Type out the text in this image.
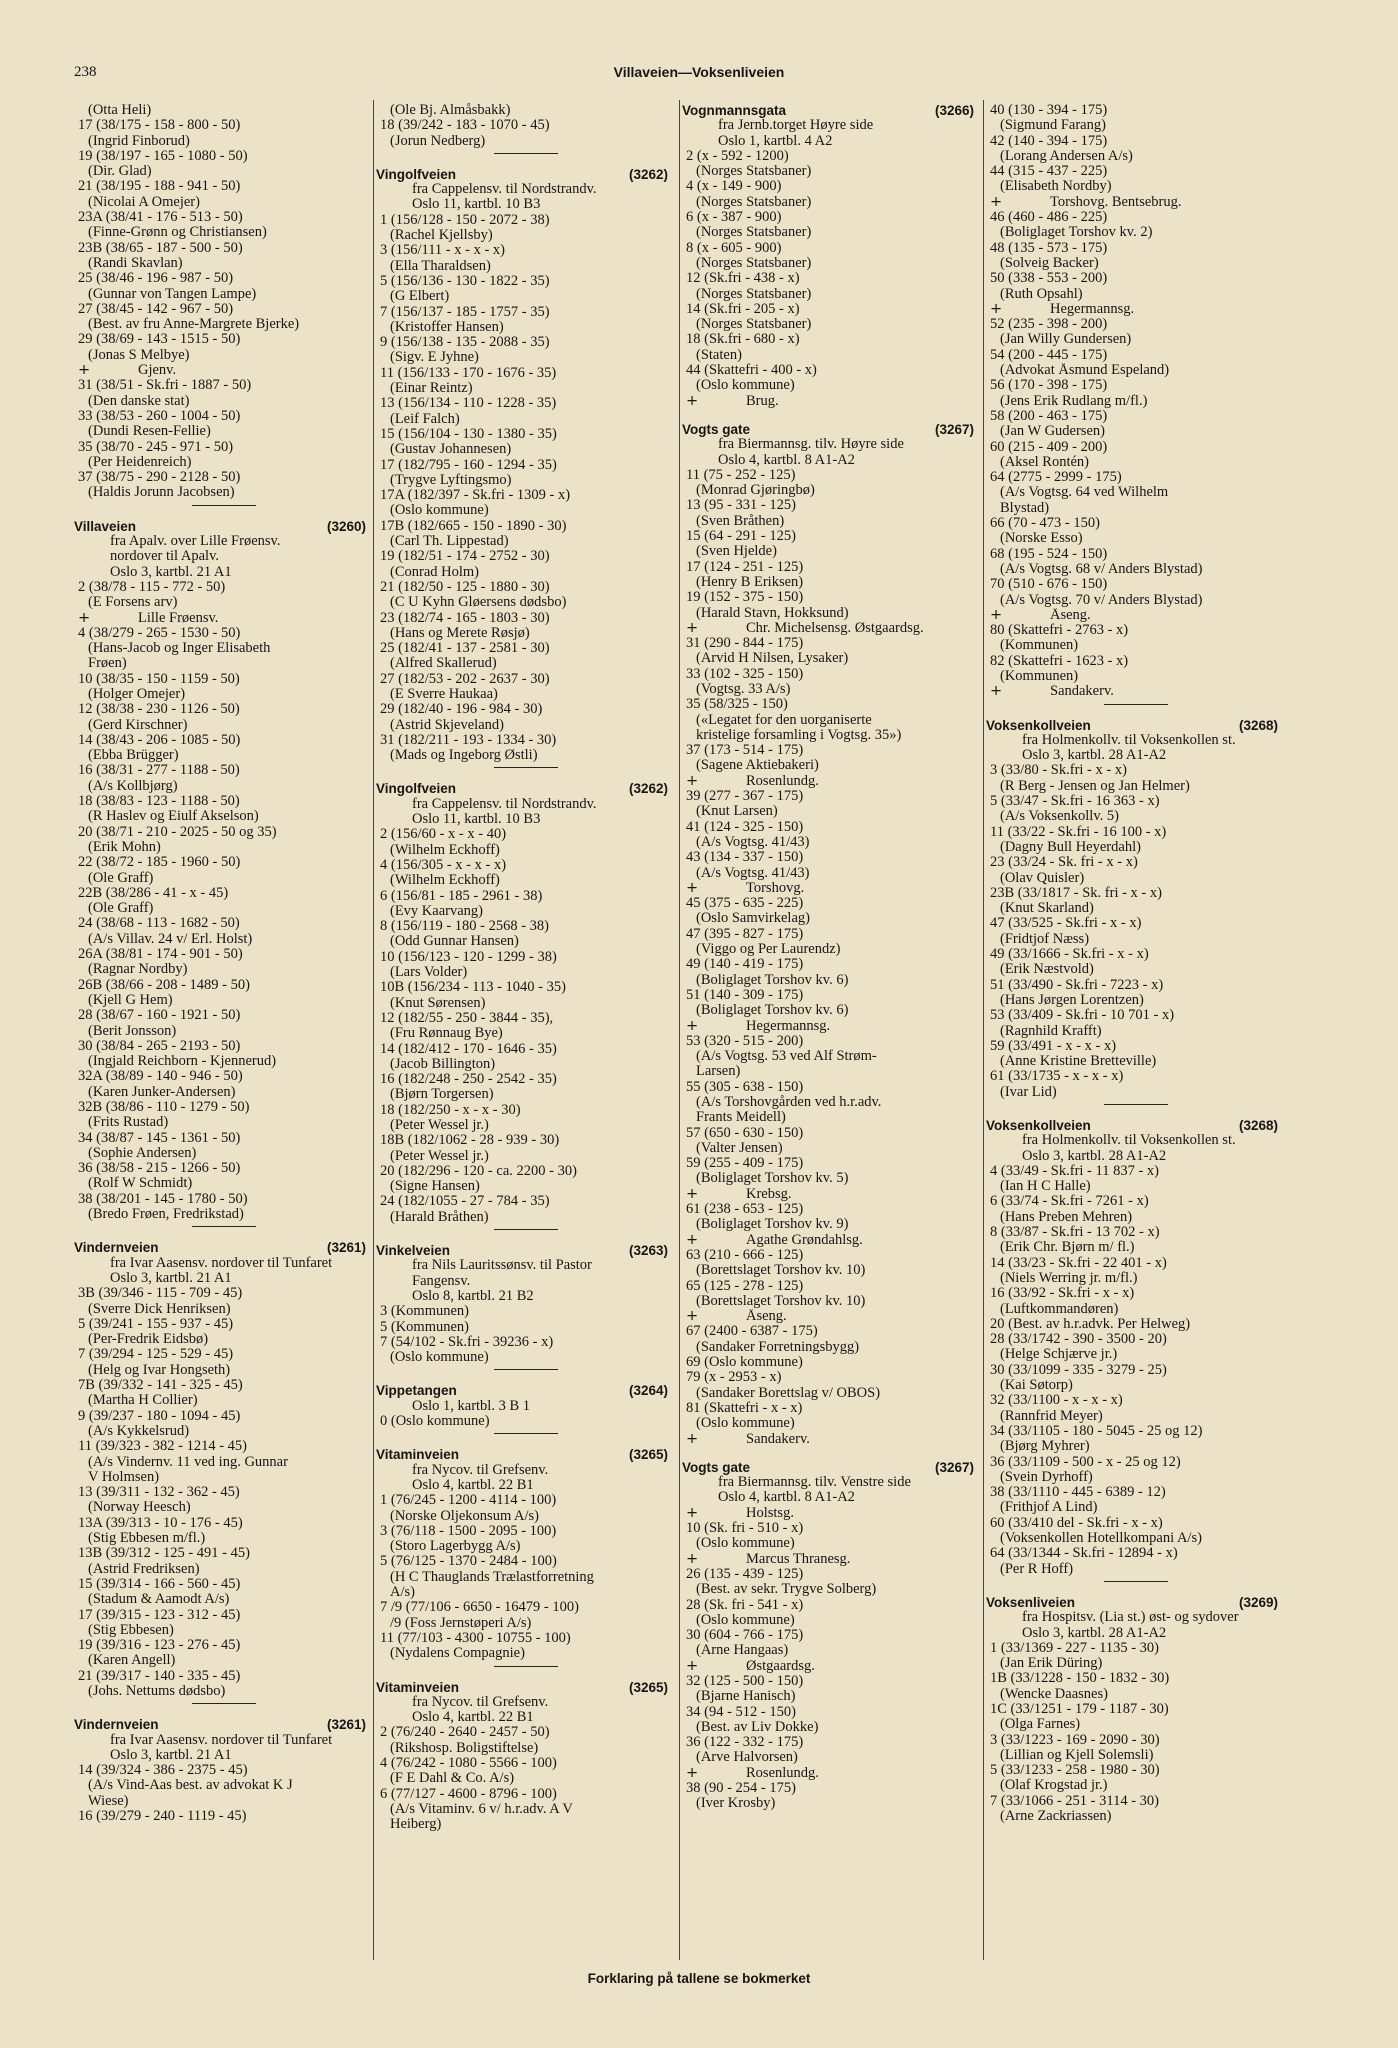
238	Villaveien—Voksenliveien
(Otta Heli)
17 (38/175 - 158 - 800 - 50)
(Ingrid Finborud)
19 (38/197 - 165 - 1080 - 50)
(Dir. Glad)
21 (38/195 - 188 - 941 - 50)
(Nicolai A Omejer)
23A (38/41 - 176 - 513 - 50)
(Finne-Grønn og Christiansen)
23B (38/65 - 187 - 500 - 50)
(Randi Skavlan)
25 (38/46 - 196 - 987 - 50)
(Gunnar von Tangen Lampe)
27 (38/45 - 142 - 967 - 50)
(Best. av fru Anne-Margrete Bjerke)
29 (38/69 - 143 - 1515 - 50)
(Jonas S Melbye)
+	Gjenv.
31 (38/51 - Sk.fri - 1887 - 50)
(Den danske stat)
33 (38/53 - 260 - 1004 - 50)
(Dundi Resen-Fellie)
35 (38/70 - 245 - 971 - 50)
(Per Heidenreich)
37 (38/75 - 290 - 2128 - 50)
(Haldis Jorunn Jacobsen)
Villaveien	(3260)
fra Apalv. over Lille Frøensv.
nordover til Apalv.
Oslo 3, kartbl. 21 A1
2 (38/78 - 115 - 772 - 50)
(E Forsens arv)
+	Lille Frøensv.
4 (38/279 - 265 - 1530 - 50)
(Hans-Jacob og Inger Elisabeth
Frøen)
10 (38/35 - 150 - 1159 - 50)
(Holger Omejer)
12 (38/38 - 230 - 1126 - 50)
(Gerd Kirschner)
14 (38/43 - 206 - 1085 - 50)
(Ebba Brügger)
16 (38/31 - 277 - 1188 - 50)
(A/s Kollbjørg)
18 (38/83 - 123 - 1188 - 50)
(R Haslev og Eiulf Akselson)
20 (38/71 - 210 - 2025 - 50 og 35)
(Erik Mohn)
22 (38/72 - 185 - 1960 - 50)
(Ole Graff)
22B (38/286 - 41 - x - 45)
(Ole Graff)
24 (38/68 - 113 - 1682 - 50)
(A/s Villav. 24 v/ Erl. Holst)
26A (38/81 - 174 - 901 - 50)
(Ragnar Nordby)
26B (38/66 - 208 - 1489 - 50)
(Kjell G Hem)
28 (38/67 - 160 - 1921 - 50)
(Berit Jonsson)
30 (38/84 - 265 - 2193 - 50)
(Ingjald Reichborn - Kjennerud)
32A (38/89 - 140 - 946 - 50)
(Karen Junker-Andersen)
32B (38/86 - 110 - 1279 - 50)
(Frits Rustad)
34 (38/87 - 145 - 1361 - 50)
(Sophie Andersen)
36 (38/58 - 215 - 1266 - 50)
(Rolf W Schmidt)
38 (38/201 - 145 - 1780 - 50)
(Bredo Frøen, Fredrikstad)
Vindernveien	(3261)
fra Ivar Aasensv. nordover til Tunfaret
Oslo 3, kartbl. 21 A1
3B (39/346 - 115 - 709 - 45)
(Sverre Dick Henriksen)
5 (39/241 - 155 - 937 - 45)
(Per-Fredrik Eidsbø)
7 (39/294 - 125 - 529 - 45)
(Helg og Ivar Hongseth)
7B (39/332 - 141 - 325 - 45)
(Martha H Collier)
9 (39/237 - 180 - 1094 - 45)
(A/s Kykkelsrud)
11 (39/323 - 382 - 1214 - 45)
(A/s Vindernv. 11 ved ing. Gunnar
V Holmsen)
13 (39/311 - 132 - 362 - 45)
(Norway Heesch)
13A (39/313 - 10 - 176 - 45)
(Stig Ebbesen m/fl.)
13B (39/312 - 125 - 491 - 45)
(Astrid Fredriksen)
15 (39/314 - 166 - 560 - 45)
(Stadum & Aamodt A/s)
17 (39/315 - 123 - 312 - 45)
(Stig Ebbesen)
19 (39/316 - 123 - 276 - 45)
(Karen Angell)
21 (39/317 - 140 - 335 - 45)
(Johs. Nettums dødsbo)
Vindernveien	(3261)
fra Ivar Aasensv. nordover til Tunfaret
Oslo 3, kartbl. 21 A1
14 (39/324 - 386 - 2375 - 45)
(A/s Vind-Aas best. av advokat K J
Wiese)
16 (39/279 - 240 - 1119 - 45)
(Ole Bj. Almåsbakk)
18 (39/242 - 183 - 1070 - 45)
(Jorun Nedberg)
Vingolfveien	(3262)
fra Cappelensv. til Nordstrandv.
Oslo 11, kartbl. 10 B3
1 (156/128 - 150 - 2072 - 38)
(Rachel Kjellsby)
3 (156/111 - x - x - x)
(Ella Tharaldsen)
5 (156/136 - 130 - 1822 - 35)
(G Elbert)
7 (156/137 - 185 - 1757 - 35)
(Kristoffer Hansen)
9 (156/138 - 135 - 2088 - 35)
(Sigv. E Jyhne)
11 (156/133 - 170 - 1676 - 35)
(Einar Reintz)
13 (156/134 - 110 - 1228 - 35)
(Leif Falch)
15 (156/104 - 130 - 1380 - 35)
(Gustav Johannesen)
17 (182/795 - 160 - 1294 - 35)
(Trygve Lyftingsmo)
17A (182/397 - Sk.fri - 1309 - x)
(Oslo kommune)
17B (182/665 - 150 - 1890 - 30)
(Carl Th. Lippestad)
19 (182/51 - 174 - 2752 - 30)
(Conrad Holm)
21 (182/50 - 125 - 1880 - 30)
(C U Kyhn Gløersens dødsbo)
23 (182/74 - 165 - 1803 - 30)
(Hans og Merete Røsjø)
25 (182/41 - 137 - 2581 - 30)
(Alfred Skallerud)
27 (182/53 - 202 - 2637 - 30)
(E Sverre Haukaa)
29 (182/40 - 196 - 984 - 30)
(Astrid Skjeveland)
31 (182/211 - 193 - 1334 - 30)
(Mads og Ingeborg Østli)
Vingolfveien	(3262)
fra Cappelensv. til Nordstrandv.
Oslo 11, kartbl. 10 B3
2 (156/60 - x - x - 40)
(Wilhelm Eckhoff)
4 (156/305 - x - x - x)
(Wilhelm Eckhoff)
6 (156/81 - 185 - 2961 - 38)
(Evy Kaarvang)
8 (156/119 - 180 - 2568 - 38)
(Odd Gunnar Hansen)
10 (156/123 - 120 - 1299 - 38)
(Lars Volder)
10B (156/234 - 113 - 1040 - 35)
(Knut Sørensen)
12 (182/55 - 250 - 3844 - 35),
(Fru Rønnaug Bye)
14 (182/412 - 170 - 1646 - 35)
(Jacob Billington)
16 (182/248 - 250 - 2542 - 35)
(Bjørn Torgersen)
18 (182/250 - x - x - 30)
(Peter Wessel jr.)
18B (182/1062 - 28 - 939 - 30)
(Peter Wessel jr.)
20 (182/296 - 120 - ca. 2200 - 30)
(Signe Hansen)
24 (182/1055 - 27 - 784 - 35)
(Harald Bråthen)
Vinkelveien	(3263)
fra Nils Lauritssønsv. til Pastor
Fangensv.
Oslo 8, kartbl. 21 B2
3 (Kommunen)
5 (Kommunen)
7 (54/102 - Sk.fri - 39236 - x)
(Oslo kommune)
Vippetangen	(3264)
Oslo 1, kartbl. 3 B 1
0 (Oslo kommune)
Vitaminveien	(3265)
fra Nycov. til Grefsenv.
Oslo 4, kartbl. 22 B1
1 (76/245 - 1200 - 4114 - 100)
(Norske Oljekonsum A/s)
3 (76/118 - 1500 - 2095 - 100)
(Storo Lagerbygg A/s)
5 (76/125 - 1370 - 2484 - 100)
(H C Thauglands Trælastforretning
A/s)
7 /9 (77/106 - 6650 - 16479 - 100)
/9 (Foss Jernstøperi A/s)
11 (77/103 - 4300 - 10755 - 100)
(Nydalens Compagnie)
Vitaminveien	(3265)
fra Nycov. til Grefsenv.
Oslo 4, kartbl. 22 B1
2 (76/240 - 2640 - 2457 - 50)
(Rikshosp. Boligstiftelse)
4 (76/242 - 1080 - 5566 - 100)
(F E Dahl & Co. A/s)
6 (77/127 - 4600 - 8796 - 100)
(A/s Vitaminv. 6 v/ h.r.adv. A V
Heiberg)
Vognmannsgata	(3266)
fra Jernb.torget Høyre side
Oslo 1, kartbl. 4 A2
2 (x - 592 - 1200)
(Norges Statsbaner)
4 (x - 149 - 900)
(Norges Statsbaner)
6 (x - 387 - 900)
(Norges Statsbaner)
8 (x - 605 - 900)
(Norges Statsbaner)
12 (Sk.fri - 438 - x)
(Norges Statsbaner)
14 (Sk.fri - 205 - x)
(Norges Statsbaner)
18 (Sk.fri - 680 - x)
(Staten)
44 (Skattefri - 400 - x)
(Oslo kommune)
+	Brug.
Vogts gate	(3267)
fra Biermannsg. tilv. Høyre side
Oslo 4, kartbl. 8 A1-A2
11 (75 - 252 - 125)
(Monrad Gjøringbø)
13 (95 - 331 - 125)
(Sven Bråthen)
15 (64 - 291 - 125)
(Sven Hjelde)
17 (124 - 251 - 125)
(Henry B Eriksen)
19 (152 - 375 - 150)
(Harald Stavn, Hokksund)
+	Chr. Michelsensg. Østgaardsg.
31 (290 - 844 - 175)
(Arvid H Nilsen, Lysaker)
33 (102 - 325 - 150)
(Vogtsg. 33 A/s)
35 (58/325 - 150)
(«Legatet for den uorganiserte
kristelige forsamling i Vogtsg. 35»)
37 (173 - 514 - 175)
(Sagene Aktiebakeri)
+	Rosenlundg.
39 (277 - 367 - 175)
(Knut Larsen)
41 (124 - 325 - 150)
(A/s Vogtsg. 41/43)
43 (134 - 337 - 150)
(A/s Vogtsg. 41/43)
+	Torshovg.
45 (375 - 635 - 225)
(Oslo Samvirkelag)
47 (395 - 827 - 175)
(Viggo og Per Laurendz)
49 (140 - 419 - 175)
(Boliglaget Torshov kv. 6)
51 (140 - 309 - 175)
(Boliglaget Torshov kv. 6)
+	Hegermannsg.
53 (320 - 515 - 200)
(A/s Vogtsg. 53 ved Alf Strøm-
Larsen)
55 (305 - 638 - 150)
(A/s Torshovgården ved h.r.adv.
Frants Meidell)
57 (650 - 630 - 150)
(Valter Jensen)
59 (255 - 409 - 175)
(Boliglaget Torshov kv. 5)
+	Krebsg.
61 (238 - 653 - 125)
(Boliglaget Torshov kv. 9)
+	Agathe Grøndahlsg.
63 (210 - 666 - 125)
(Borettslaget Torshov kv. 10)
65 (125 - 278 - 125)
(Borettslaget Torshov kv. 10)
+	Åseng.
67 (2400 - 6387 - 175)
(Sandaker Forretningsbygg)
69 (Oslo kommune)
79 (x - 2953 - x)
(Sandaker Borettslag v/ OBOS)
81 (Skattefri - x - x)
(Oslo kommune)
+	Sandakerv.
Vogts gate	(3267)
fra Biermannsg. tilv. Venstre side
Oslo 4, kartbl. 8 A1-A2
+	Holstsg.
10 (Sk. fri - 510 - x)
(Oslo kommune)
+	Marcus Thranesg.
26 (135 - 439 - 125)
(Best. av sekr. Trygve Solberg)
28 (Sk. fri - 541 - x)
(Oslo kommune)
30 (604 - 766 - 175)
(Arne Hangaas)
+	Østgaardsg.
32 (125 - 500 - 150)
(Bjarne Hanisch)
34 (94 - 512 - 150)
(Best. av Liv Dokke)
36 (122 - 332 - 175)
(Arve Halvorsen)
+	Rosenlundg.
38 (90 - 254 - 175)
(Iver Krosby)
40 (130 - 394 - 175)
(Sigmund Farang)
42 (140 - 394 - 175)
(Lorang Andersen A/s)
44 (315 - 437 - 225)
(Elisabeth Nordby)
+	Torshovg. Bentsebrug.
46 (460 - 486 - 225)
(Boliglaget Torshov kv. 2)
48 (135 - 573 - 175)
(Solveig Backer)
50 (338 - 553 - 200)
(Ruth Opsahl)
+	Hegermannsg.
52 (235 - 398 - 200)
(Jan Willy Gundersen)
54 (200 - 445 - 175)
(Advokat Åsmund Espeland)
56 (170 - 398 - 175)
(Jens Erik Rudlang m/fl.)
58 (200 - 463 - 175)
(Jan W Gudersen)
60 (215 - 409 - 200)
(Aksel Rontén)
64 (2775 - 2999 - 175)
(A/s Vogtsg. 64 ved Wilhelm
Blystad)
66 (70 - 473 - 150)
(Norske Esso)
68 (195 - 524 - 150)
(A/s Vogtsg. 68 v/ Anders Blystad)
70 (510 - 676 - 150)
(A/s Vogtsg. 70 v/ Anders Blystad)
+	Åseng.
80 (Skattefri - 2763 - x)
(Kommunen)
82 (Skattefri - 1623 - x)
(Kommunen)
+	Sandakerv.
Voksenkollveien	(3268)
fra Holmenkollv. til Voksenkollen st.
Oslo 3, kartbl. 28 A1-A2
3 (33/80 - Sk.fri - x - x)
(R Berg - Jensen og Jan Helmer)
5 (33/47 - Sk.fri - 16 363 - x)
(A/s Voksenkollv. 5)
11 (33/22 - Sk.fri - 16 100 - x)
(Dagny Bull Heyerdahl)
23 (33/24 - Sk. fri - x - x)
(Olav Quisler)
23B (33/1817 - Sk. fri - x - x)
(Knut Skarland)
47 (33/525 - Sk.fri - x - x)
(Fridtjof Næss)
49 (33/1666 - Sk.fri - x - x)
(Erik Næstvold)
51 (33/490 - Sk.fri - 7223 - x)
(Hans Jørgen Lorentzen)
53 (33/409 - Sk.fri - 10 701 - x)
(Ragnhild Krafft)
59 (33/491 - x - x - x)
(Anne Kristine Bretteville)
61 (33/1735 - x - x - x)
(Ivar Lid)
Voksenkollveien	(3268)
fra Holmenkollv. til Voksenkollen st.
Oslo 3, kartbl. 28 A1-A2
4 (33/49 - Sk.fri - 11 837 - x)
(Ian H C Halle)
6 (33/74 - Sk.fri - 7261 - x)
(Hans Preben Mehren)
8 (33/87 - Sk.fri - 13 702 - x)
(Erik Chr. Bjørn m/ fl.)
14 (33/23 - Sk.fri - 22 401 - x)
(Niels Werring jr. m/fl.)
16 (33/92 - Sk.fri - x - x)
(Luftkommandøren)
20 (Best. av h.r.advk. Per Helweg)
28 (33/1742 - 390 - 3500 - 20)
(Helge Schjærve jr.)
30 (33/1099 - 335 - 3279 - 25)
(Kai Søtorp)
32 (33/1100 - x - x - x)
(Rannfrid Meyer)
34 (33/1105 - 180 - 5045 - 25 og 12)
(Bjørg Myhrer)
36 (33/1109 - 500 - x - 25 og 12)
(Svein Dyrhoff)
38 (33/1110 - 445 - 6389 - 12)
(Frithjof A Lind)
60 (33/410 del - Sk.fri - x - x)
(Voksenkollen Hotellkompani A/s)
64 (33/1344 - Sk.fri - 12894 - x)
(Per R Hoff)
Voksenliveien	(3269)
fra Hospitsv. (Lia st.) øst- og sydover
Oslo 3, kartbl. 28 A1-A2
1 (33/1369 - 227 - 1135 - 30)
(Jan Erik Düring)
1B (33/1228 - 150 - 1832 - 30)
(Wencke Daasnes)
1C (33/1251 - 179 - 1187 - 30)
(Olga Farnes)
3 (33/1223 - 169 - 2090 - 30)
(Lillian og Kjell Solemsli)
5 (33/1233 - 258 - 1980 - 30)
(Olaf Krogstad jr.)
7 (33/1066 - 251 - 3114 - 30)
(Arne Zackriassen)
Forklaring på tallene se bokmerket
